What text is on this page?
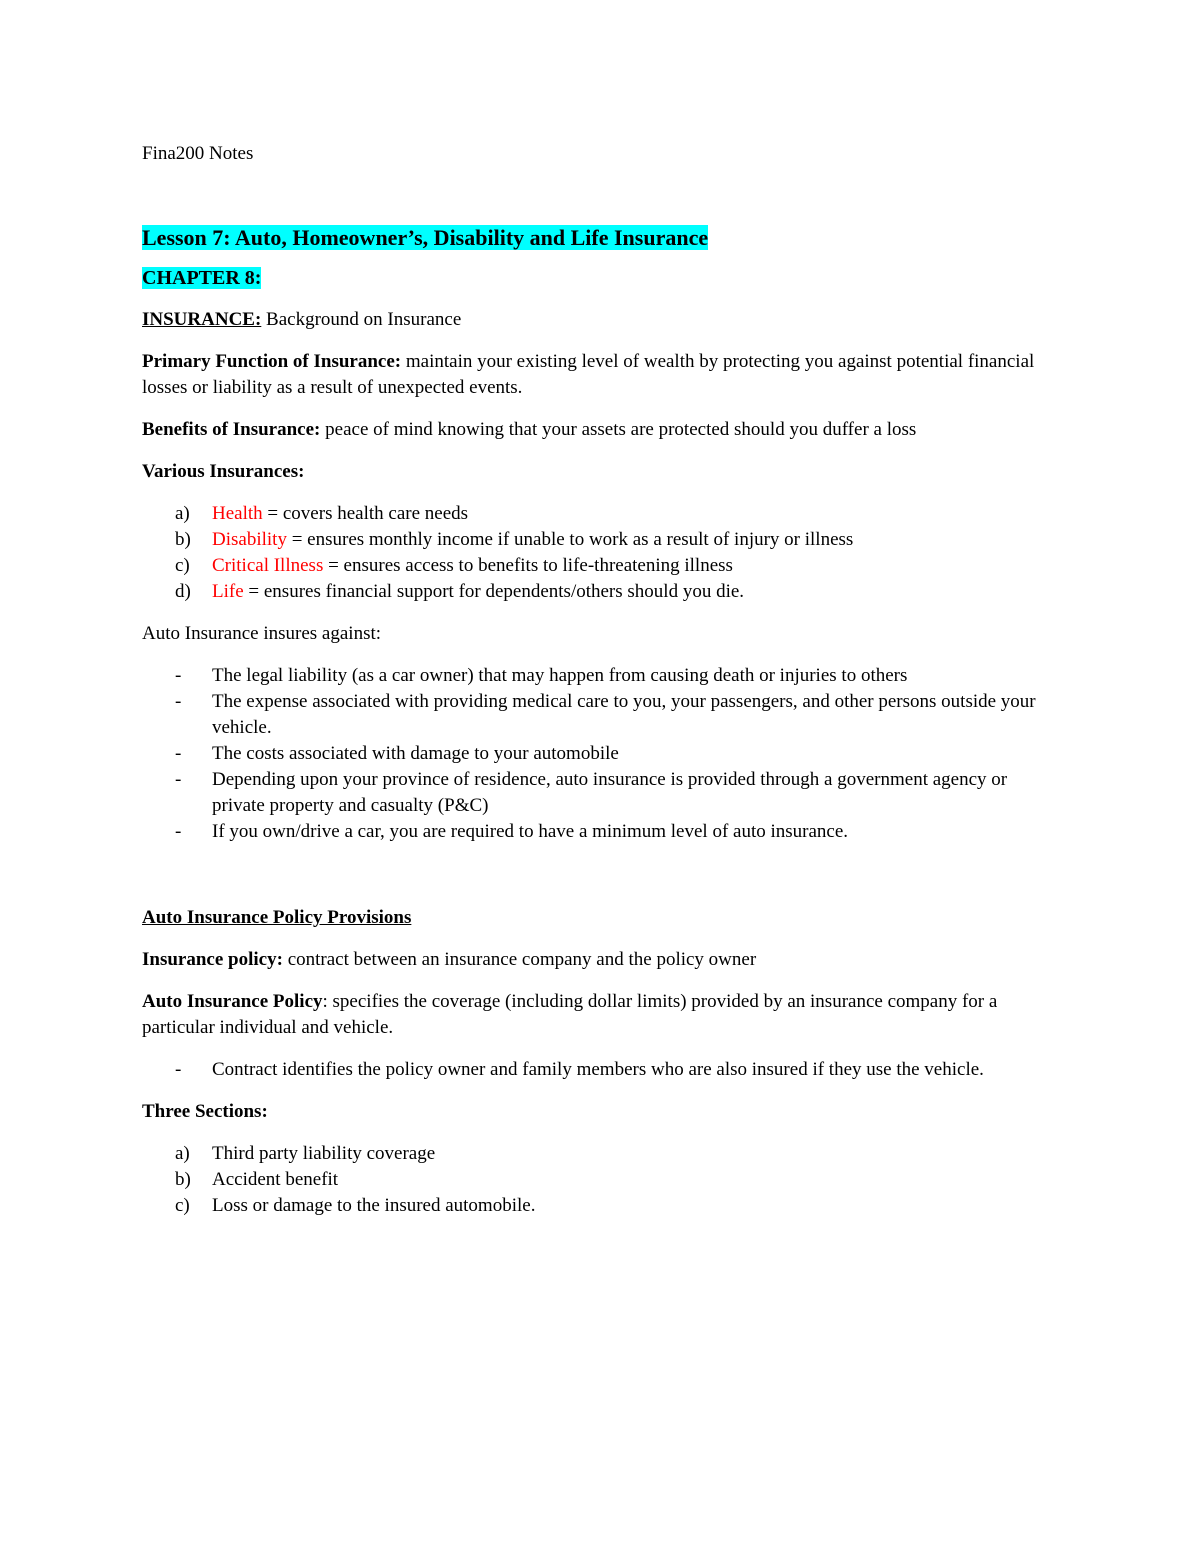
Fina200 Notes

Lesson 7: Auto, Homeowner’s, Disability and Life Insurance

CHAPTER 8:

INSURANCE: Background on Insurance

Primary Function of Insurance: maintain your existing level of wealth by protecting you against potential financial losses or liability as a result of unexpected events.

Benefits of Insurance: peace of mind knowing that your assets are protected should you duffer a loss

Various Insurances:

a) Health = covers health care needs
b) Disability = ensures monthly income if unable to work as a result of injury or illness
c) Critical Illness = ensures access to benefits to life-threatening illness
d) Life = ensures financial support for dependents/others should you die.

Auto Insurance insures against:

- The legal liability (as a car owner) that may happen from causing death or injuries to others
- The expense associated with providing medical care to you, your passengers, and other persons outside your vehicle.
- The costs associated with damage to your automobile
- Depending upon your province of residence, auto insurance is provided through a government agency or private property and casualty (P&C)
- If you own/drive a car, you are required to have a minimum level of auto insurance.

Auto Insurance Policy Provisions

Insurance policy: contract between an insurance company and the policy owner

Auto Insurance Policy: specifies the coverage (including dollar limits) provided by an insurance company for a particular individual and vehicle.

- Contract identifies the policy owner and family members who are also insured if they use the vehicle.

Three Sections:

a) Third party liability coverage
b) Accident benefit
c) Loss or damage to the insured automobile.
